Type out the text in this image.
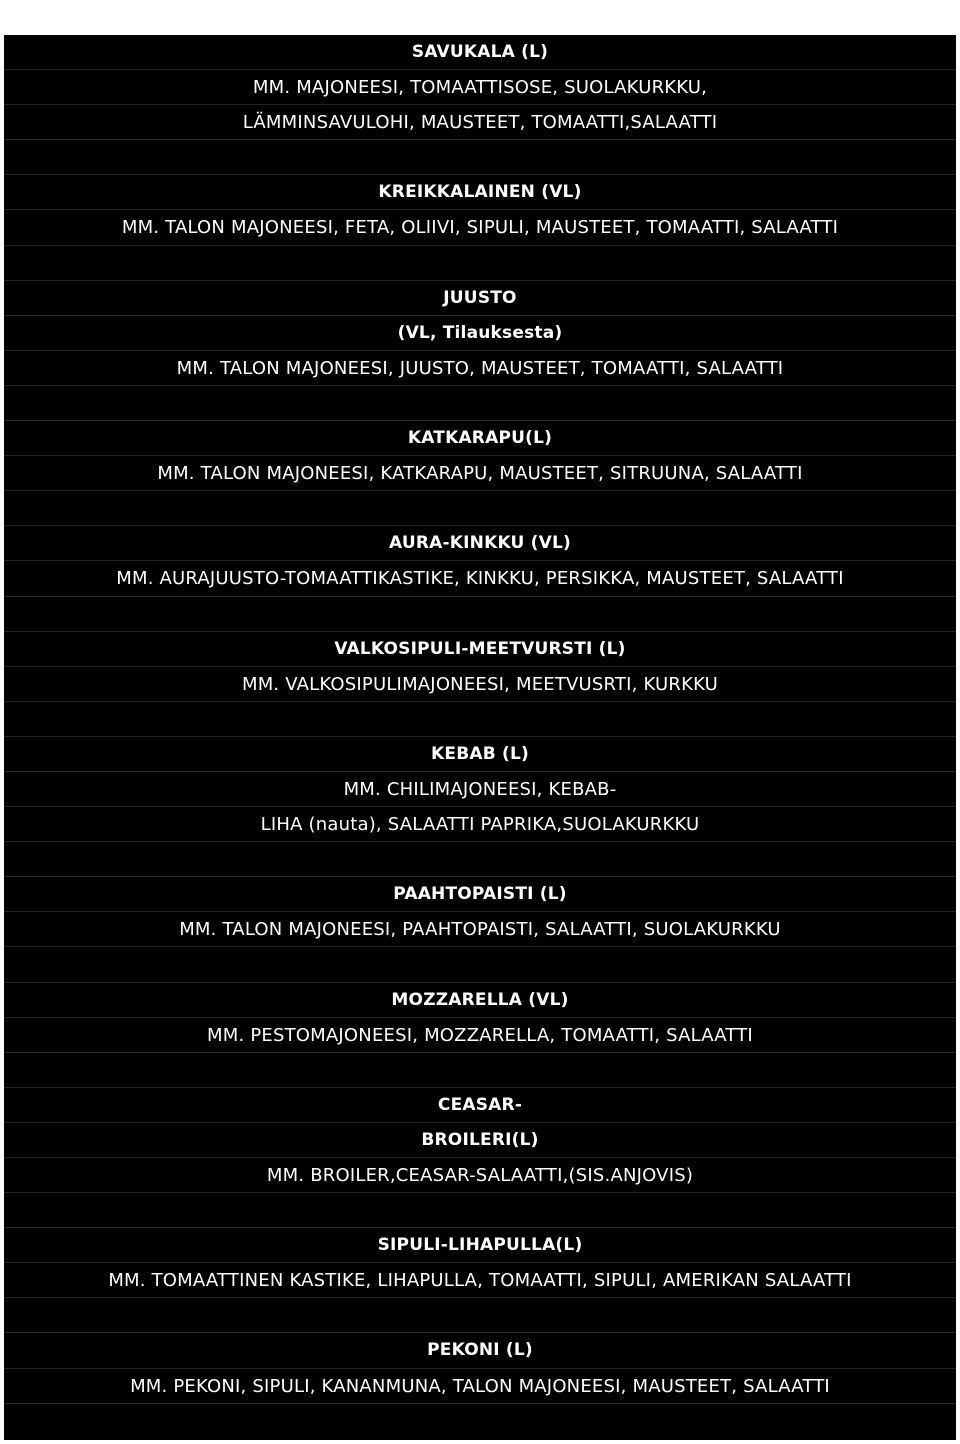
SAVUKALA (L)
MM. MAJONEESI, TOMAATTISOSE, SUOLAKURKKU,
LÄMMINSAVULOHI, MAUSTEET, TOMAATTI,SALAATTI
KREIKKALAINEN (VL)
MM. TALON MAJONEESI, FETA, OLIIVI, SIPULI, MAUSTEET, TOMAATTI, SALAATTI
JUUSTO
(VL, Tilauksesta)
MM. TALON MAJONEESI, JUUSTO, MAUSTEET, TOMAATTI, SALAATTI
KATKARAPU(L)
MM. TALON MAJONEESI, KATKARAPU, MAUSTEET, SITRUUNA, SALAATTI
AURA-KINKKU (VL)
MM. AURAJUUSTO-TOMAATTIKASTIKE, KINKKU, PERSIKKA, MAUSTEET, SALAATTI
VALKOSIPULI-MEETVURSTI (L)
MM. VALKOSIPULIMAJONEESI, MEETVUSRTI, KURKKU
KEBAB (L)
MM. CHILIMAJONEESI, KEBAB-
LIHA (nauta), SALAATTI PAPRIKA,SUOLAKURKKU
PAAHTOPAISTI (L)
MM. TALON MAJONEESI, PAAHTOPAISTI, SALAATTI, SUOLAKURKKU
MOZZARELLA (VL)
MM. PESTOMAJONEESI, MOZZARELLA, TOMAATTI, SALAATTI
CEASAR-
BROILERI(L)
MM. BROILER,CEASAR-SALAATTI,(SIS.ANJOVIS)
SIPULI-LIHAPULLA(L)
MM. TOMAATTINEN KASTIKE, LIHAPULLA, TOMAATTI, SIPULI, AMERIKAN SALAATTI
PEKONI (L)
MM. PEKONI, SIPULI, KANANMUNA, TALON MAJONEESI, MAUSTEET, SALAATTI
